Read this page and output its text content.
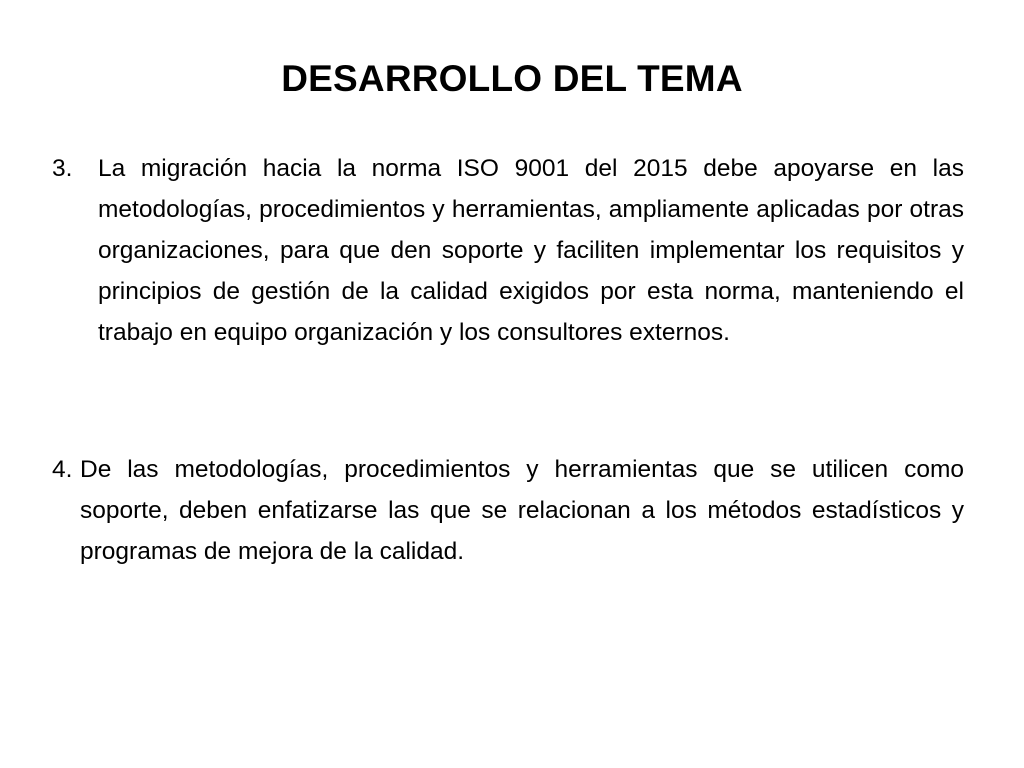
DESARROLLO DEL TEMA
3.	La migración hacia la norma ISO 9001 del 2015 debe apoyarse en las metodologías, procedimientos y herramientas, ampliamente aplicadas por otras organizaciones, para que den soporte y faciliten implementar los requisitos y principios de gestión de la calidad exigidos por esta norma, manteniendo el trabajo en equipo organización y los consultores externos.

4. De las metodologías, procedimientos y herramientas que se utilicen como soporte, deben enfatizarse las que se relacionan a los métodos estadísticos y programas de mejora de la calidad.
